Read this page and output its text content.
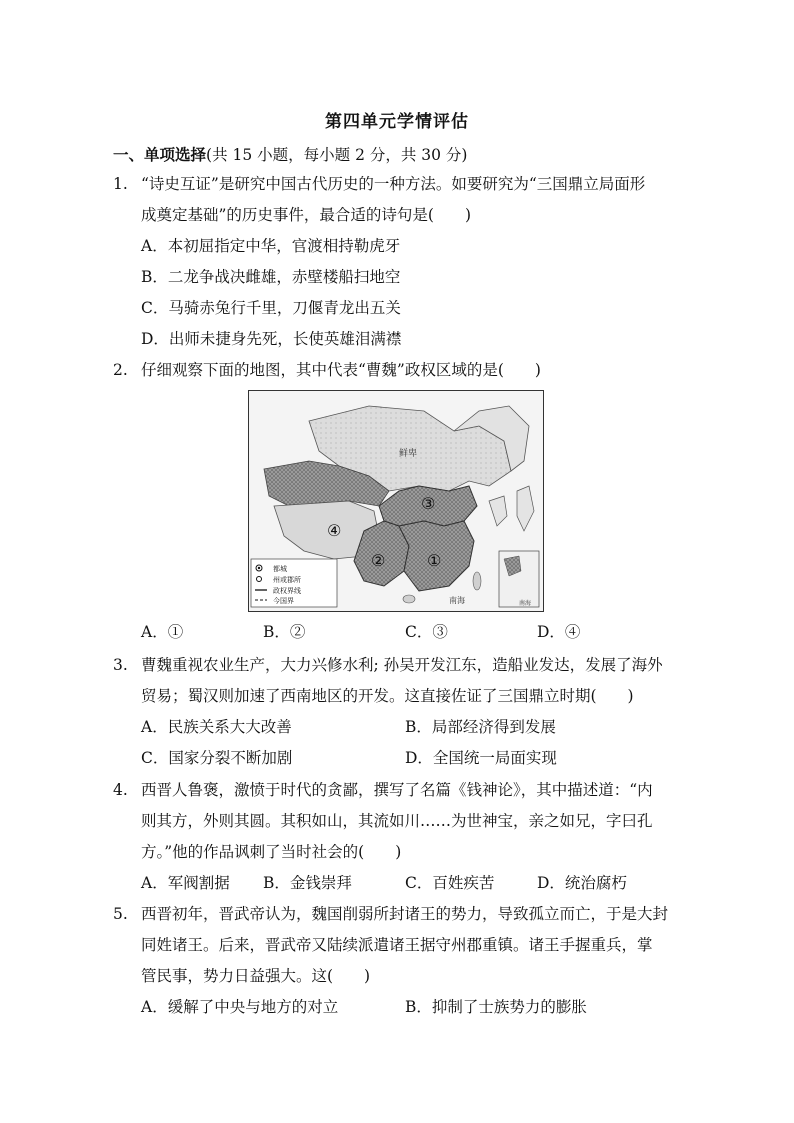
第四单元学情评估
一、单项选择(共 15 小题，每小题 2 分，共 30 分)
1. “诗史互证”是研究中国古代历史的一种方法。如要研究为“三国鼎立局面形
成奠定基础”的历史事件，最合适的诗句是(　　)
A．本初屈指定中华，官渡相持勒虎牙
B．二龙争战决雌雄，赤壁楼船扫地空
C．马骑赤兔行千里，刀偃青龙出五关
D．出师未捷身先死，长使英雄泪满襟
2. 仔细观察下面的地图，其中代表“曹魏”政权区域的是(　　)
都城
州或郡所
政权界线
今国界
④
③
②	①
鲜卑
南海	南海
A．①	B．②	C．③	D．④
3. 曹魏重视农业生产，大力兴修水利; 孙吴开发江东，造船业发达，发展了海外
贸易；蜀汉则加速了西南地区的开发。这直接佐证了三国鼎立时期(　　)
A．民族关系大大改善	B．局部经济得到发展
C．国家分裂不断加剧	D．全国统一局面实现
4. 西晋人鲁褒，激愤于时代的贪鄙，撰写了名篇《钱神论》，其中描述道：“内
则其方，外则其圆。其积如山，其流如川……为世神宝，亲之如兄，字曰孔
方。”他的作品讽刺了当时社会的(　　)
A．军阀割据 B．金钱崇拜	C．百姓疾苦	D．统治腐朽
5. 西晋初年，晋武帝认为，魏国削弱所封诸王的势力，导致孤立而亡，于是大封
同姓诸王。后来，晋武帝又陆续派遣诸王据守州郡重镇。诸王手握重兵，掌
管民事，势力日益强大。这(　　)
A．缓解了中央与地方的对立	B．抑制了士族势力的膨胀
